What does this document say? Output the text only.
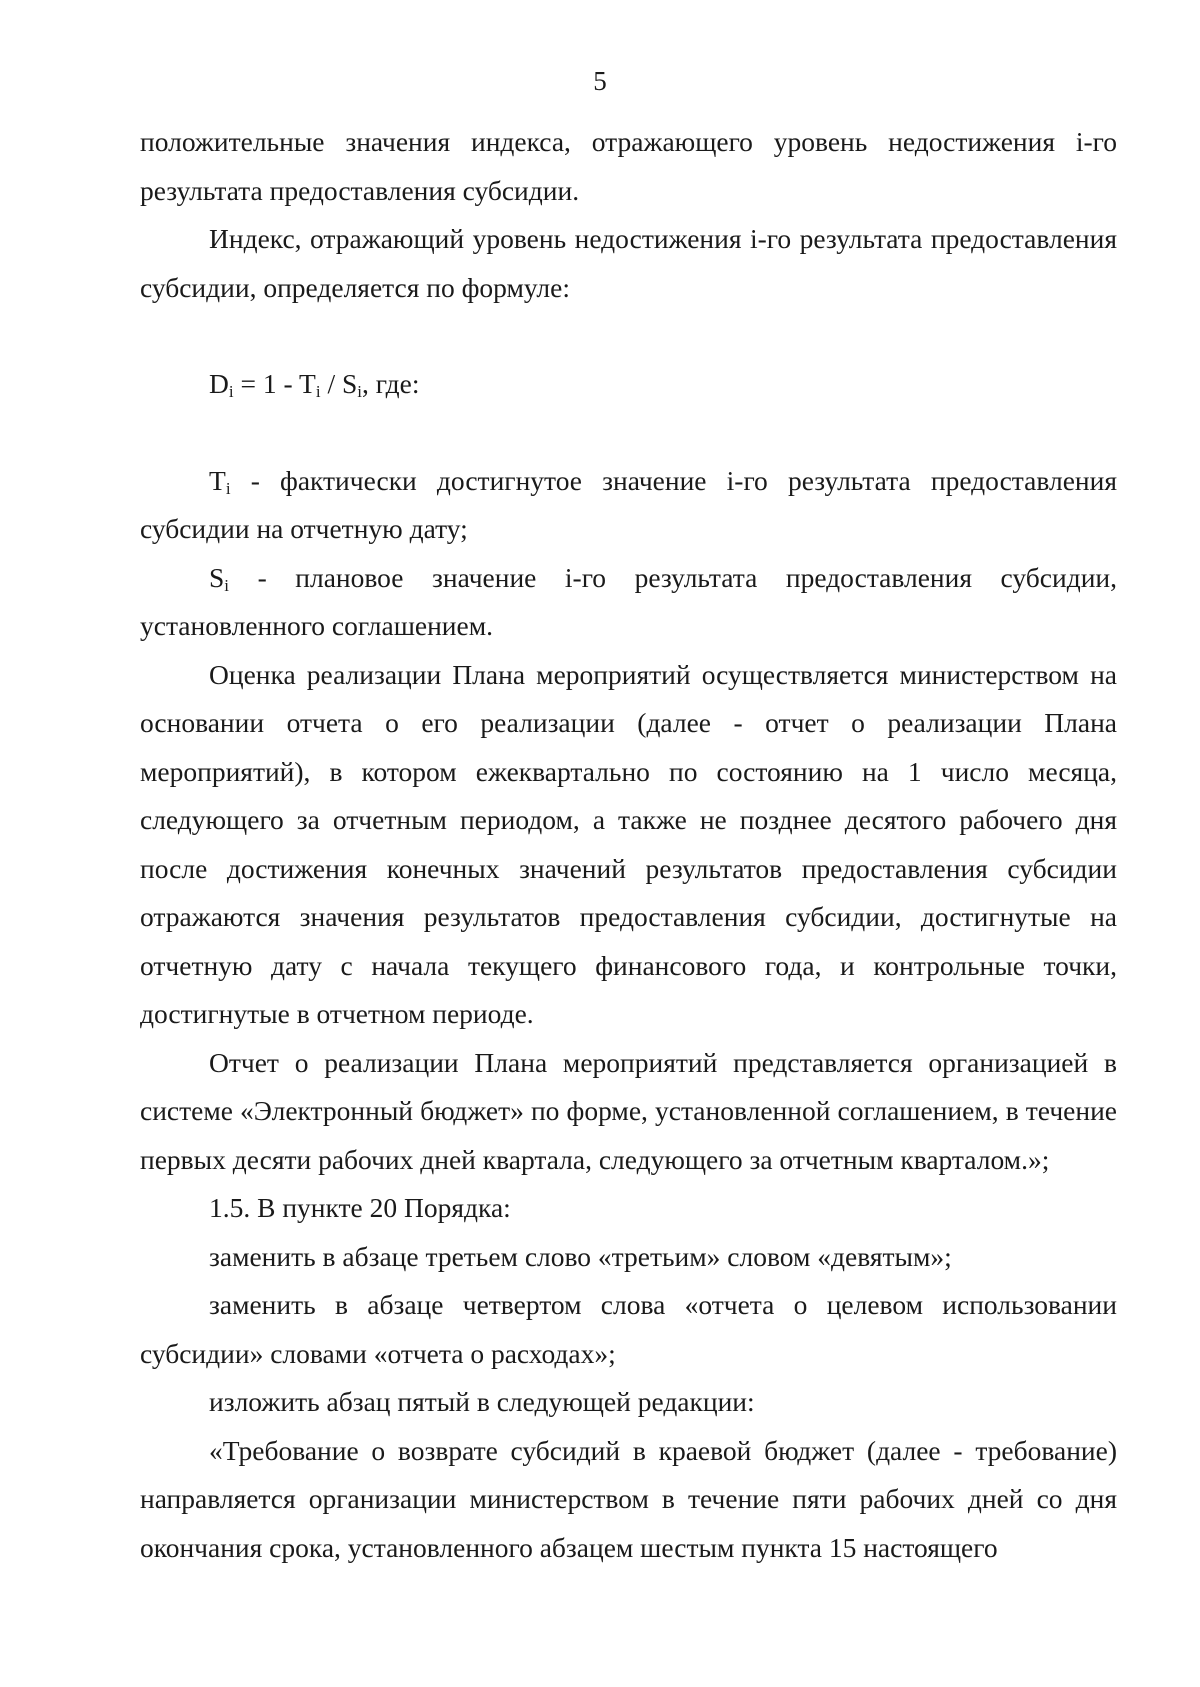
5

положительные значения индекса, отражающего уровень недостижения i-го результата предоставления субсидии.

Индекс, отражающий уровень недостижения i-го результата предоставления субсидии, определяется по формуле:

$D_i = 1 - T_i / S_i$, где:

$T_i$ - фактически достигнутое значение i-го результата предоставления субсидии на отчетную дату;

$S_i$ - плановое значение i-го результата предоставления субсидии, установленного соглашением.

Оценка реализации Плана мероприятий осуществляется министерством на основании отчета о его реализации (далее - отчет о реализации Плана мероприятий), в котором ежеквартально по состоянию на 1 число месяца, следующего за отчетным периодом, а также не позднее десятого рабочего дня после достижения конечных значений результатов предоставления субсидии отражаются значения результатов предоставления субсидии, достигнутые на отчетную дату с начала текущего финансового года, и контрольные точки, достигнутые в отчетном периоде.

Отчет о реализации Плана мероприятий представляется организацией в системе «Электронный бюджет» по форме, установленной соглашением, в течение первых десяти рабочих дней квартала, следующего за отчетным кварталом.»;

1.5. В пункте 20 Порядка:

заменить в абзаце третьем слово «третьим» словом «девятым»;

заменить в абзаце четвертом слова «отчета о целевом использовании субсидии» словами «отчета о расходах»;

изложить абзац пятый в следующей редакции:

«Требование о возврате субсидий в краевой бюджет (далее - требование) направляется организации министерством в течение пяти рабочих дней со дня окончания срока, установленного абзацем шестым пункта 15 настоящего
